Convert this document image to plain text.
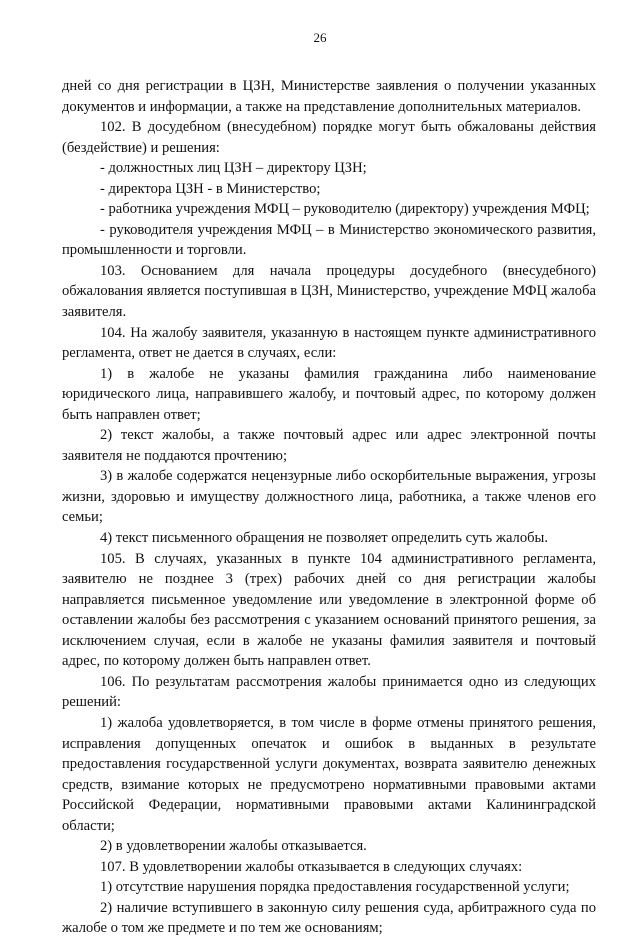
26

дней со дня регистрации в ЦЗН, Министерстве заявления о получении указанных документов и информации, а также на представление дополнительных материалов.

102. В досудебном (внесудебном) порядке могут быть обжалованы действия (бездействие) и решения:

- должностных лиц ЦЗН – директору ЦЗН;

- директора ЦЗН - в Министерство;

- работника учреждения МФЦ – руководителю (директору) учреждения МФЦ;

- руководителя учреждения МФЦ – в Министерство экономического развития, промышленности и торговли.

103. Основанием для начала процедуры досудебного (внесудебного) обжалования является поступившая в ЦЗН, Министерство, учреждение МФЦ жалоба заявителя.

104. На жалобу заявителя, указанную в настоящем пункте административного регламента, ответ не дается в случаях, если:

1) в жалобе не указаны фамилия гражданина либо наименование юридического лица, направившего жалобу, и почтовый адрес, по которому должен быть направлен ответ;

2) текст жалобы, а также почтовый адрес или адрес электронной почты заявителя не поддаются прочтению;

3) в жалобе содержатся нецензурные либо оскорбительные выражения, угрозы жизни, здоровью и имуществу должностного лица, работника, а также членов его семьи;

4) текст письменного обращения не позволяет определить суть жалобы.

105. В случаях, указанных в пункте 104 административного регламента, заявителю не позднее 3 (трех) рабочих дней со дня регистрации жалобы направляется письменное уведомление или уведомление в электронной форме об оставлении жалобы без рассмотрения с указанием оснований принятого решения, за исключением случая, если в жалобе не указаны фамилия заявителя и почтовый адрес, по которому должен быть направлен ответ.

106. По результатам рассмотрения жалобы принимается одно из следующих решений:

1) жалоба удовлетворяется, в том числе в форме отмены принятого решения, исправления допущенных опечаток и ошибок в выданных в результате предоставления государственной услуги документах, возврата заявителю денежных средств, взимание которых не предусмотрено нормативными правовыми актами Российской Федерации, нормативными правовыми актами Калининградской области;

2) в удовлетворении жалобы отказывается.

107. В удовлетворении жалобы отказывается в следующих случаях:

1) отсутствие нарушения порядка предоставления государственной услуги;

2) наличие вступившего в законную силу решения суда, арбитражного суда по жалобе о том же предмете и по тем же основаниям;
